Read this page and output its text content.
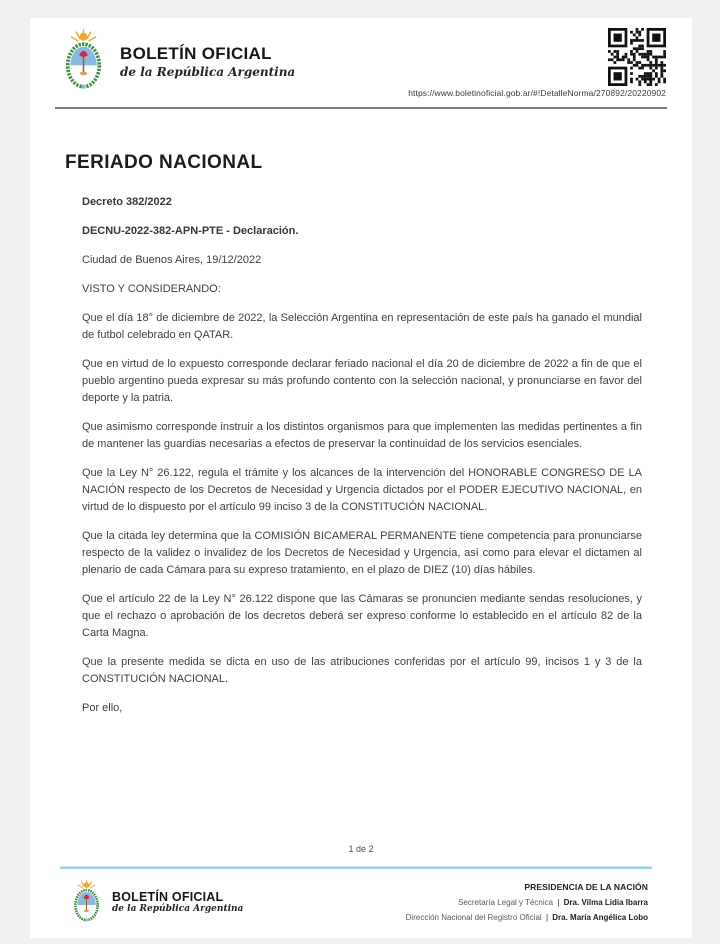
BOLETÍN OFICIAL
de la República Argentina
https://www.boletinoficial.gob.ar/#!DetalleNorma/270892/20220902
FERIADO NACIONAL

Decreto 382/2022

DECNU-2022-382-APN-PTE - Declaración.

Ciudad de Buenos Aires, 19/12/2022

VISTO Y CONSIDERANDO:

Que el día 18° de diciembre de 2022, la Selección Argentina en representación de este país ha ganado el mundial de futbol celebrado en QATAR.

Que en virtud de lo expuesto corresponde declarar feriado nacional el día 20 de diciembre de 2022 a fin de que el pueblo argentino pueda expresar su más profundo contento con la selección nacional, y pronunciarse en favor del deporte y la patria.

Que asimismo corresponde instruir a los distintos organismos para que implementen las medidas pertinentes a fin de mantener las guardias necesarias a efectos de preservar la continuidad de los servicios esenciales.

Que la Ley N° 26.122, regula el trámite y los alcances de la intervención del HONORABLE CONGRESO DE LA NACIÓN respecto de los Decretos de Necesidad y Urgencia dictados por el PODER EJECUTIVO NACIONAL, en virtud de lo dispuesto por el artículo 99 inciso 3 de la CONSTITUCIÓN NACIONAL.

Que la citada ley determina que la COMISIÓN BICAMERAL PERMANENTE tiene competencia para pronunciarse respecto de la validez o invalidez de los Decretos de Necesidad y Urgencia, así como para elevar el dictamen al plenario de cada Cámara para su expreso tratamiento, en el plazo de DIEZ (10) días hábiles.

Que el artículo 22 de la Ley N° 26.122 dispone que las Cámaras se pronuncien mediante sendas resoluciones, y que el rechazo o aprobación de los decretos deberá ser expreso conforme lo establecido en el artículo 82 de la Carta Magna.

Que la presente medida se dicta en uso de las atribuciones conferidas por el artículo 99, incisos 1 y 3 de la CONSTITUCIÓN NACIONAL.

Por ello,

1 de 2
BOLETÍN OFICIAL
de la República Argentina
PRESIDENCIA DE LA NACIÓN
Secretaría Legal y Técnica | Dra. Vilma Lidia Ibarra
Dirección Nacional del Registro Oficial | Dra. María Angélica Lobo
